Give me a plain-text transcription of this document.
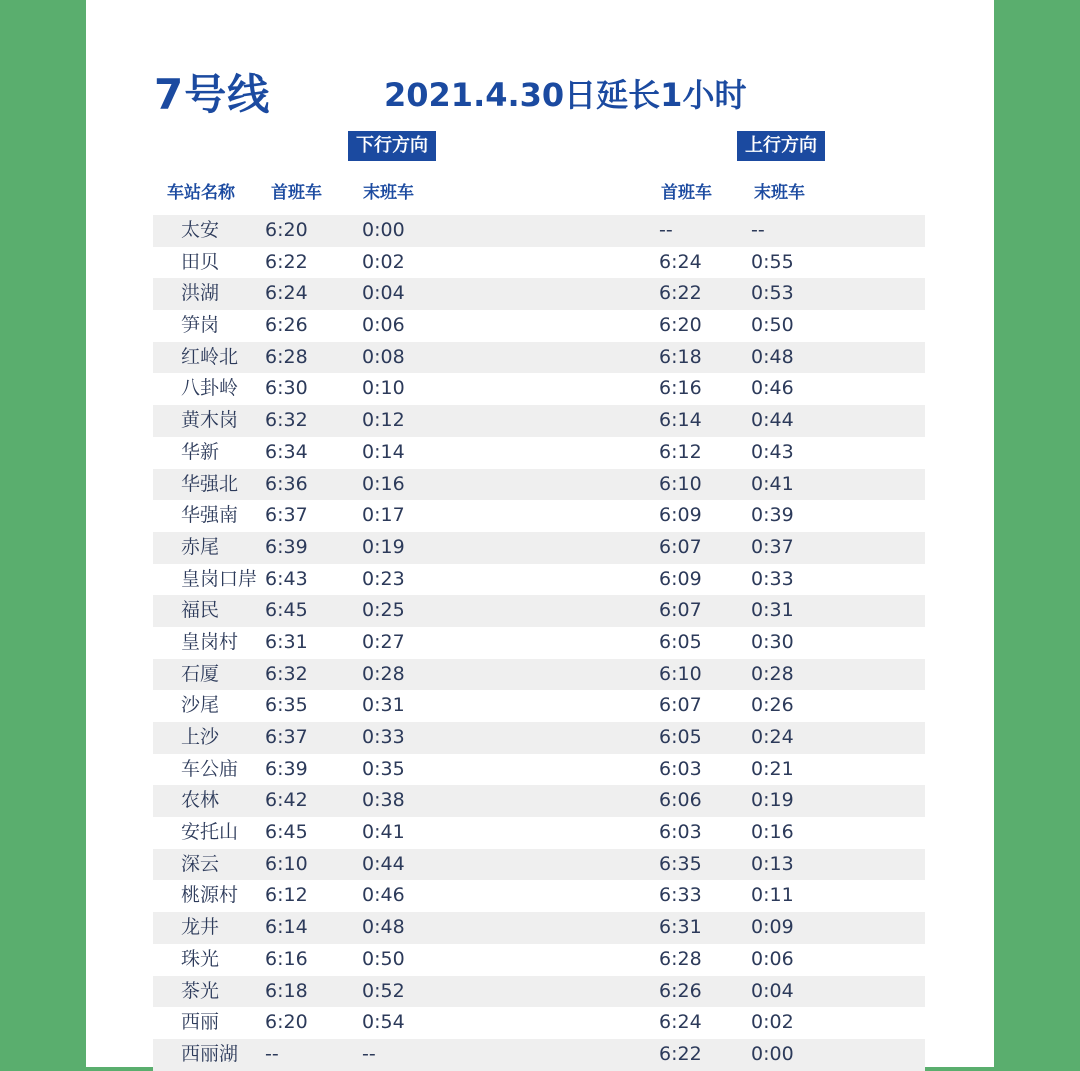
7号线	2021.4.30日延长1小时
下行方向	上行方向
车站名称 首班车 末班车	首班车 末班车
太安 6:20	0:00	--	--
田贝 6:22	0:02	6:24	0:55
洪湖 6:24	0:04	6:22	0:53
笋岗 6:26	0:06	6:20	0:50
红岭北 6:28	0:08	6:18	0:48
八卦岭 6:30	0:10	6:16	0:46
黄木岗 6:32	0:12	6:14	0:44
华新 6:34	0:14	6:12	0:43
华强北 6:36	0:16	6:10	0:41
华强南 6:37	0:17	6:09	0:39
赤尾 6:39	0:19	6:07	0:37
皇岗口岸 6:43	0:23	6:09	0:33
福民 6:45	0:25	6:07	0:31
皇岗村 6:31	0:27	6:05	0:30
石厦 6:32	0:28	6:10	0:28
沙尾 6:35	0:31	6:07	0:26
上沙 6:37	0:33	6:05	0:24
车公庙 6:39	0:35	6:03	0:21
农林 6:42	0:38	6:06	0:19
安托山 6:45	0:41	6:03	0:16
深云 6:10	0:44	6:35	0:13
桃源村 6:12	0:46	6:33	0:11
龙井 6:14	0:48	6:31	0:09
珠光 6:16	0:50	6:28	0:06
茶光 6:18	0:52	6:26	0:04
西丽 6:20	0:54	6:24	0:02
西丽湖 --	--	6:22	0:00
